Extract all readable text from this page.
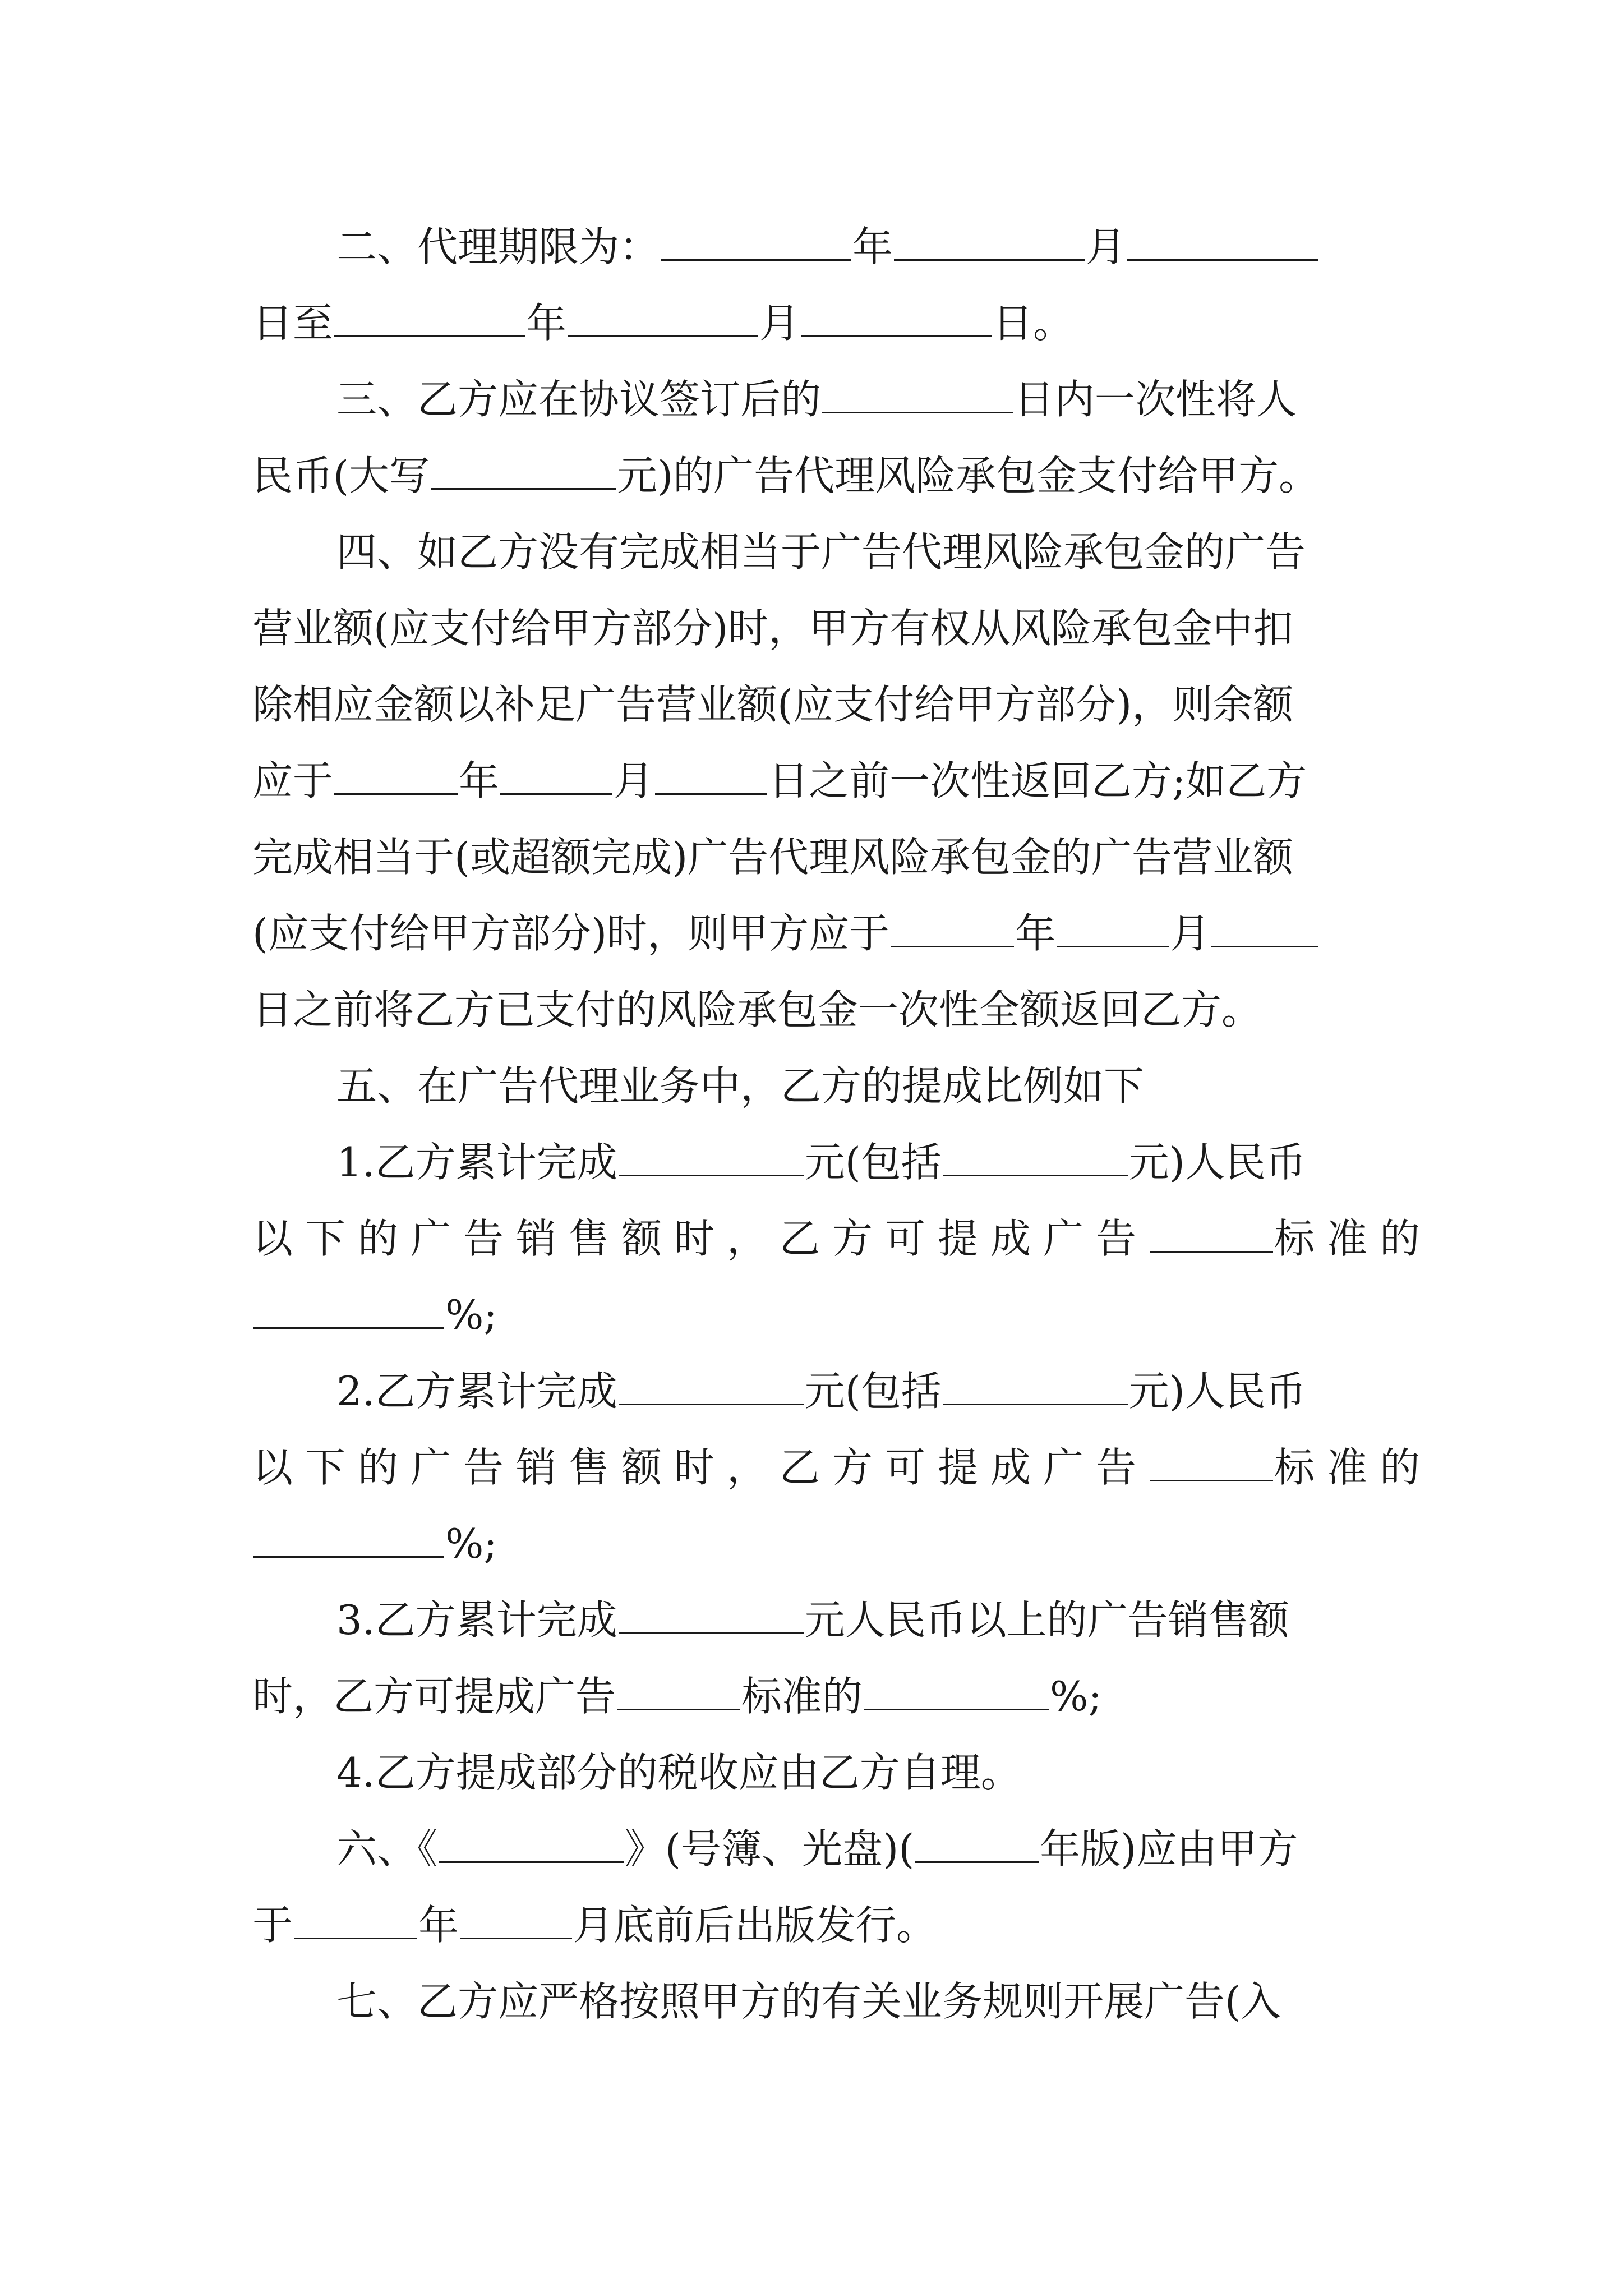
二、代理期限为：	年	月
日至	年	月	日。
三、乙方应在协议签订后的	日内一次性将人
民币(大写	元)的广告代理风险承包金支付给甲方。
四、如乙方没有完成相当于广告代理风险承包金的广告
营业额(应支付给甲方部分)时，甲方有权从风险承包金中扣
除相应金额以补足广告营业额(应支付给甲方部分)，则余额
应于	年	月	日之前一次性返回乙方;如乙方
完成相当于(或超额完成)广告代理风险承包金的广告营业额
(应支付给甲方部分)时，则甲方应于	年	月
日之前将乙方已支付的风险承包金一次性全额返回乙方。
五、在广告代理业务中，乙方的提成比例如下
1.乙方累计完成	元(包括	元)人民币
以下的广告销售额时，乙方可提成广告	标准的
%;
2.乙方累计完成	元(包括	元)人民币
以下的广告销售额时，乙方可提成广告	标准的
%;
3.乙方累计完成	元人民币以上的广告销售额
时，乙方可提成广告	标准的	%;
4.乙方提成部分的税收应由乙方自理。
六、《	》(号簿、光盘)(	年版)应由甲方
于	年	月底前后出版发行。
七、乙方应严格按照甲方的有关业务规则开展广告(入
